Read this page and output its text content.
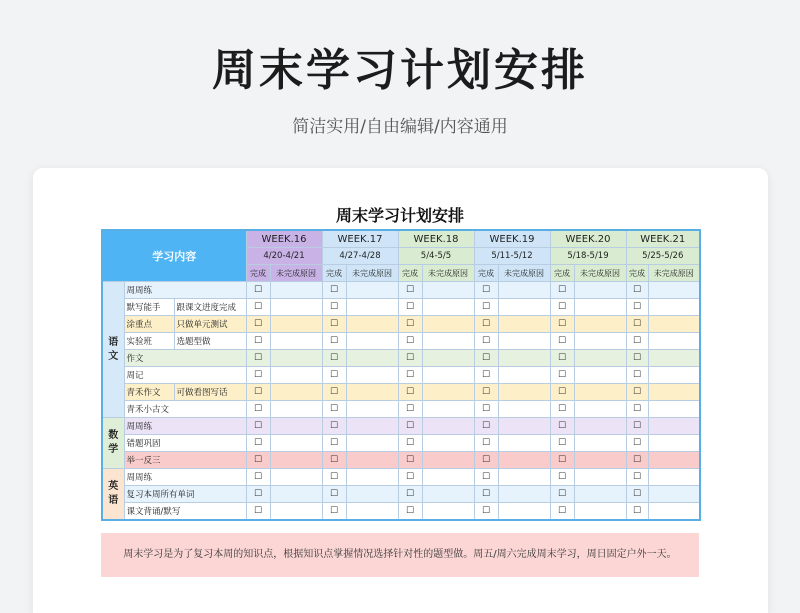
周末学习计划安排
简洁实用/自由编辑/内容通用
周末学习计划安排
学习内容			WEEK.16		WEEK.17		WEEK.18		WEEK.19		WEEK.20		WEEK.21	
			4/20-4/21		4/27-4/28		5/4-5/5		5/11-5/12		5/18-5/19		5/25-5/26	
			完成	未完成原因	完成	未完成原因	完成	未完成原因	完成	未完成原因	完成	未完成原因	完成	未完成原因
语
文	周周练		☐		☐		☐		☐		☐		☐	
	默写能手	跟课文进度完成	☐		☐		☐		☐		☐		☐	
	涂重点	只做单元测试	☐		☐		☐		☐		☐		☐	
	实验班	选题型做	☐		☐		☐		☐		☐		☐	
	作文		☐		☐		☐		☐		☐		☐	
	周记		☐		☐		☐		☐		☐		☐	
	青禾作文	可做看图写话	☐		☐		☐		☐		☐		☐	
	青禾小古文		☐		☐		☐		☐		☐		☐	
数
学	周周练		☐		☐		☐		☐		☐		☐	
	错题巩固		☐		☐		☐		☐		☐		☐	
	举一反三		☐		☐		☐		☐		☐		☐	
英
语	周周练		☐		☐		☐		☐		☐		☐	
	复习本周所有单词		☐		☐		☐		☐		☐		☐	
	课文背诵/默写		☐		☐		☐		☐		☐		☐	
周末学习是为了复习本周的知识点，根据知识点掌握情况选择针对性的题型做。周五/周六完成周末学习，周日固定户外一天。
